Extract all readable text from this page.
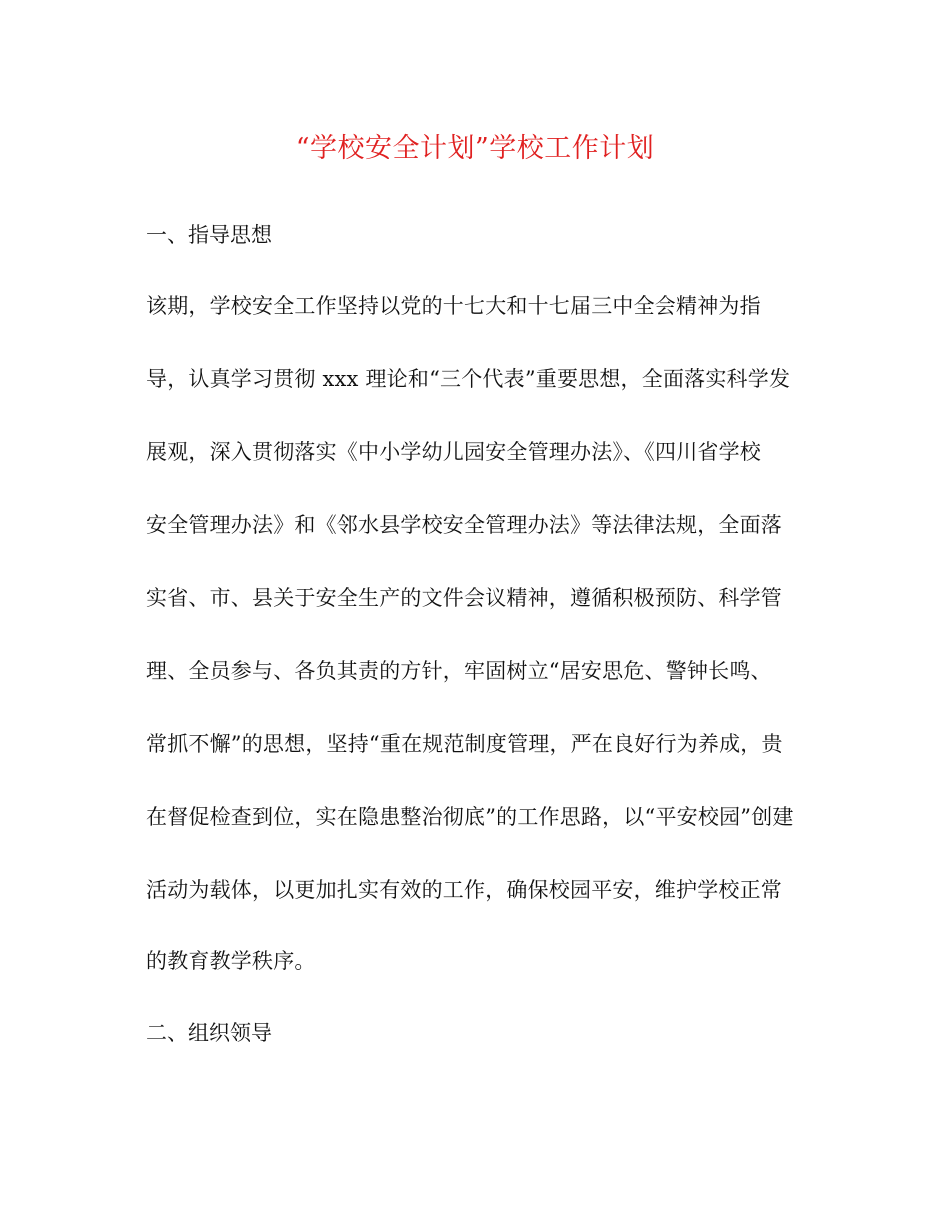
“学校安全计划”学校工作计划
一、指导思想
该期，学校安全工作坚持以党的十七大和十七届三中全会精神为指
导，认真学习贯彻 xxx 理论和“三个代表”重要思想，全面落实科学发
展观，深入贯彻落实《中小学幼儿园安全管理办法》、《四川省学校
安全管理办法》和《邻水县学校安全管理办法》等法律法规，全面落
实省、市、县关于安全生产的文件会议精神，遵循积极预防、科学管
理、全员参与、各负其责的方针，牢固树立“居安思危、警钟长鸣、
常抓不懈”的思想，坚持“重在规范制度管理，严在良好行为养成，贵
在督促检查到位，实在隐患整治彻底”的工作思路，以“平安校园”创建
活动为载体，以更加扎实有效的工作，确保校园平安，维护学校正常
的教育教学秩序。
二、组织领导
